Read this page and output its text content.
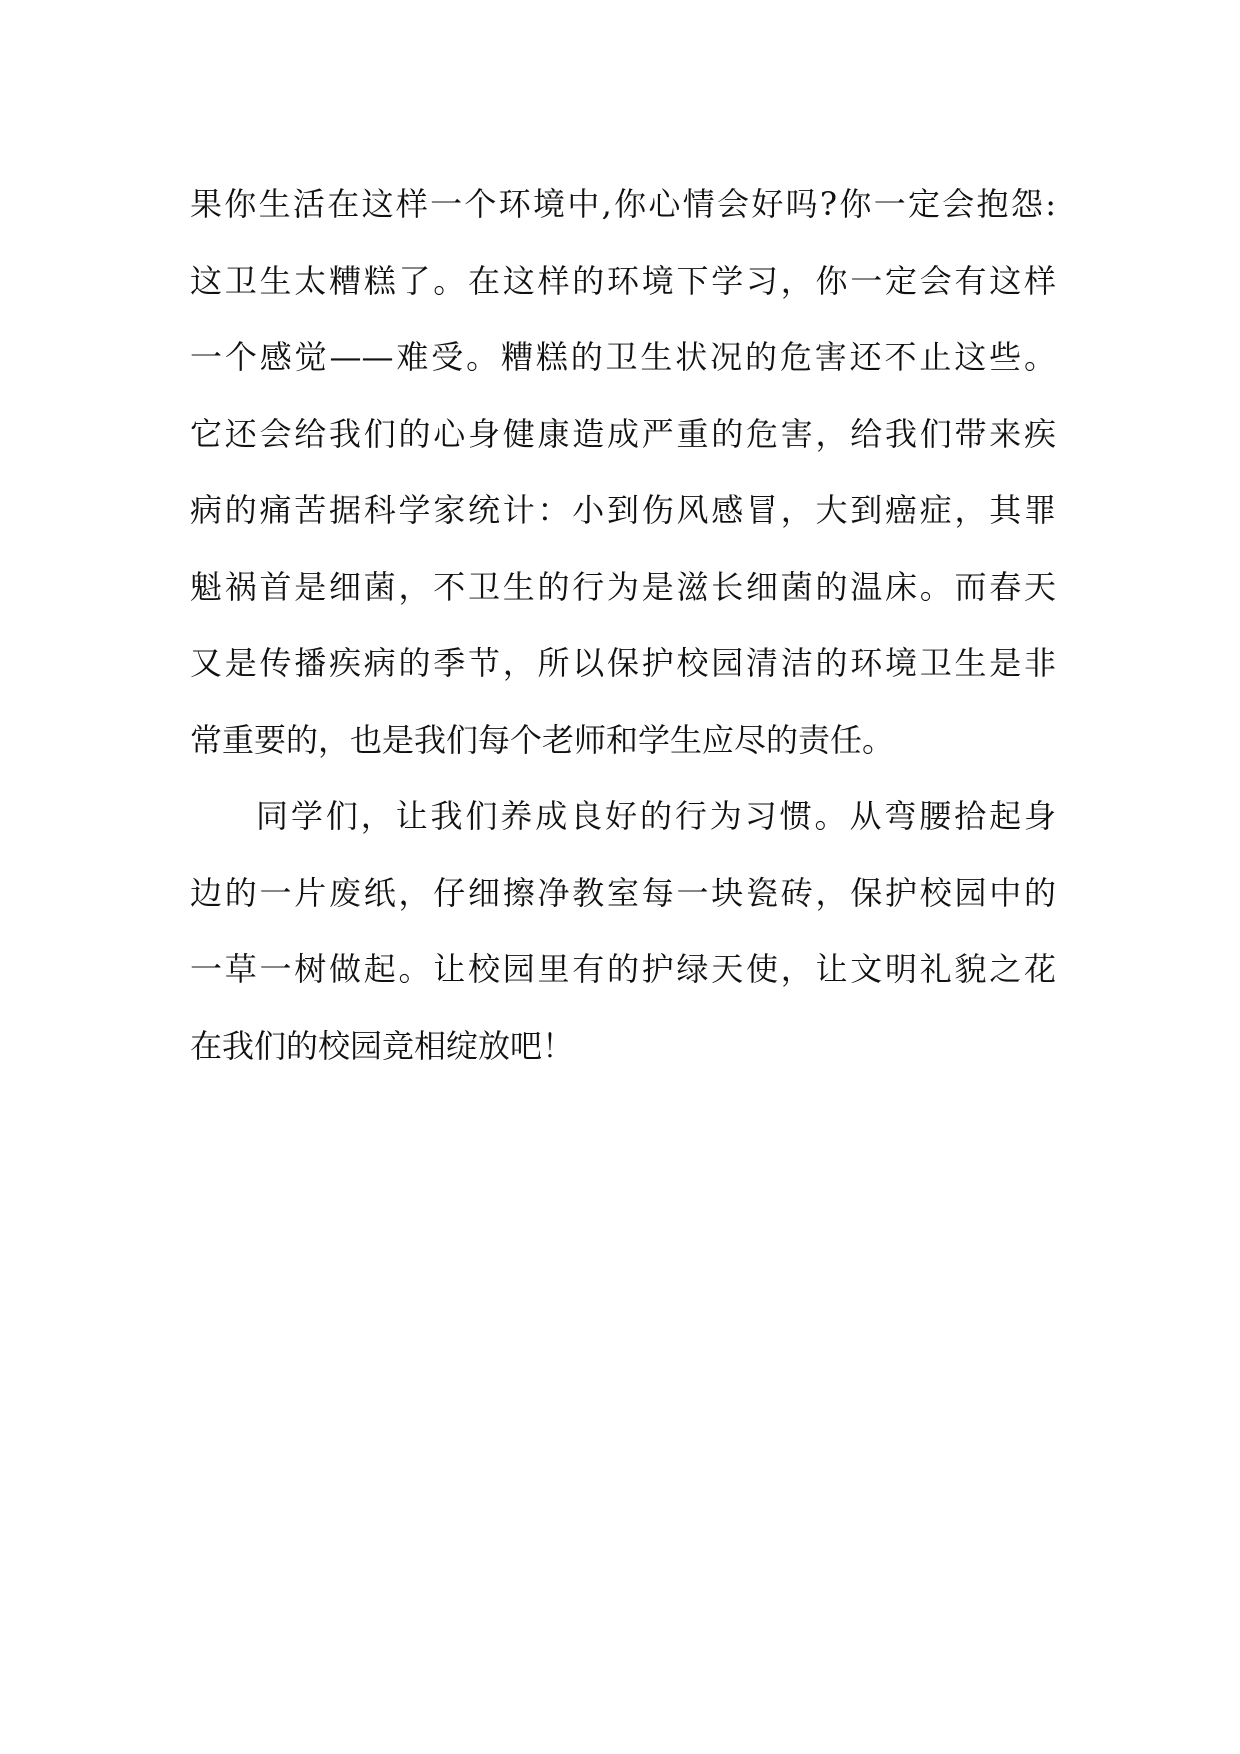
果你生活在这样一个环境中,你心情会好吗?你一定会抱怨:
这卫生太糟糕了。在这样的环境下学习，你一定会有这样
一个感觉——难受。糟糕的卫生状况的危害还不止这些。
它还会给我们的心身健康造成严重的危害，给我们带来疾
病的痛苦据科学家统计：小到伤风感冒，大到癌症，其罪
魁祸首是细菌，不卫生的行为是滋长细菌的温床。而春天
又是传播疾病的季节，所以保护校园清洁的环境卫生是非
常重要的，也是我们每个老师和学生应尽的责任。
同学们，让我们养成良好的行为习惯。从弯腰拾起身
边的一片废纸，仔细擦净教室每一块瓷砖，保护校园中的
一草一树做起。让校园里有的护绿天使，让文明礼貌之花
在我们的校园竞相绽放吧！
